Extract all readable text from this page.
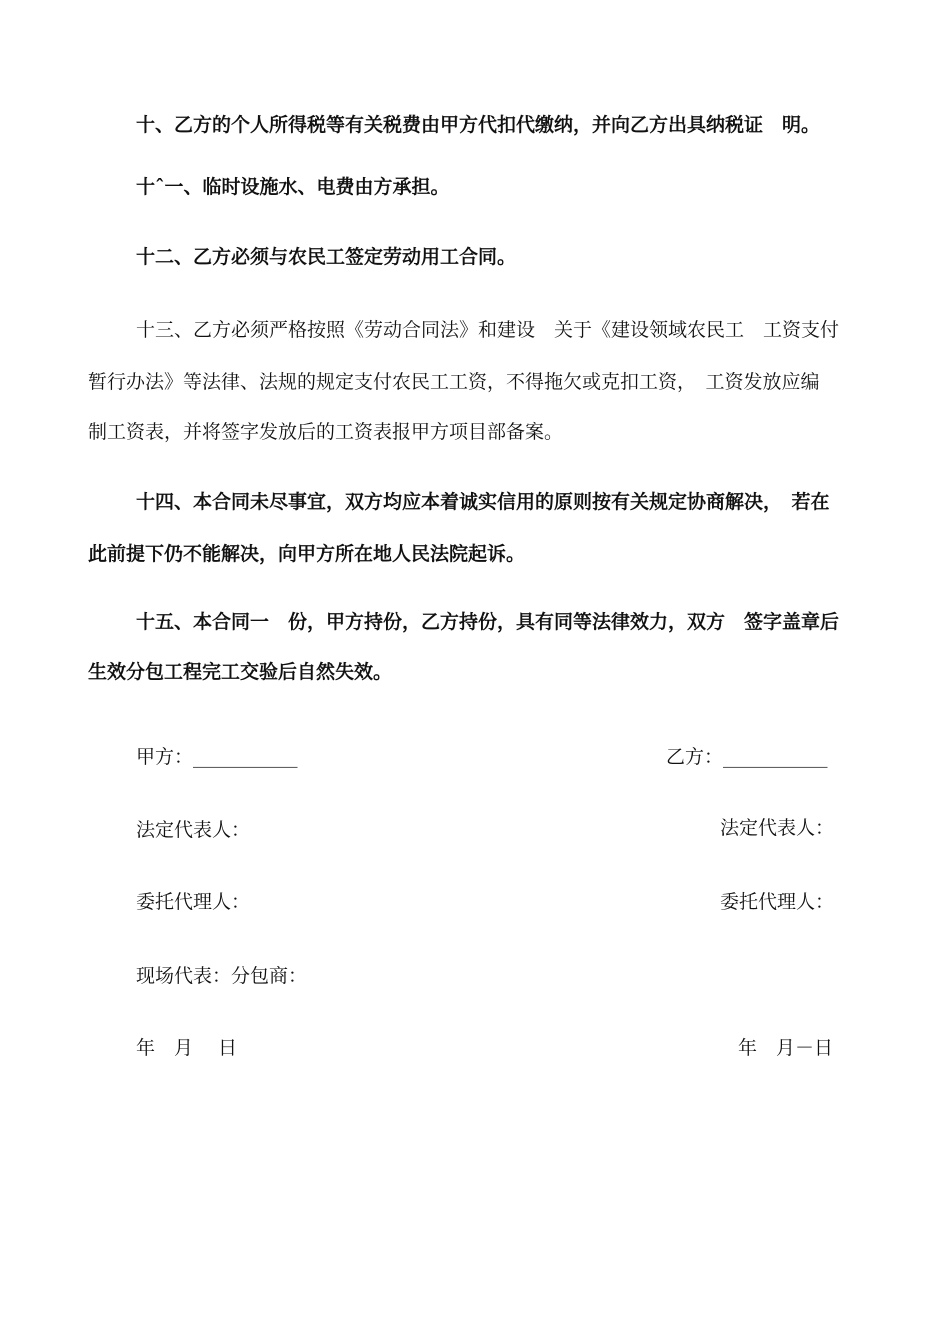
十、乙方的个人所得税等有关税费由甲方代扣代缴纳，并向乙方出具纳税证　明。
十ˆ一、临时设施水、电费由方承担。
十二、乙方必须与农民工签定劳动用工合同。
十三、乙方必须严格按照《劳动合同法》和建设　关于《建设领域农民工　工资支付
暂行办法》等法律、法规的规定支付农民工工资，不得拖欠或克扣工资，　工资发放应编
制工资表，并将签字发放后的工资表报甲方项目部备案。
十四、本合同未尽事宜，双方均应本着诚实信用的原则按有关规定协商解决，　若在
此前提下仍不能解决，向甲方所在地人民法院起诉。
十五、本合同一　份，甲方持份，乙方持份，具有同等法律效力，双方　签字盖章后
生效分包工程完工交验后自然失效。
甲方：___________	乙方：___________
法定代表人：	法定代表人：
委托代理人：	委托代理人：
现场代表：分包商：
年　月　 日	年　月－日
